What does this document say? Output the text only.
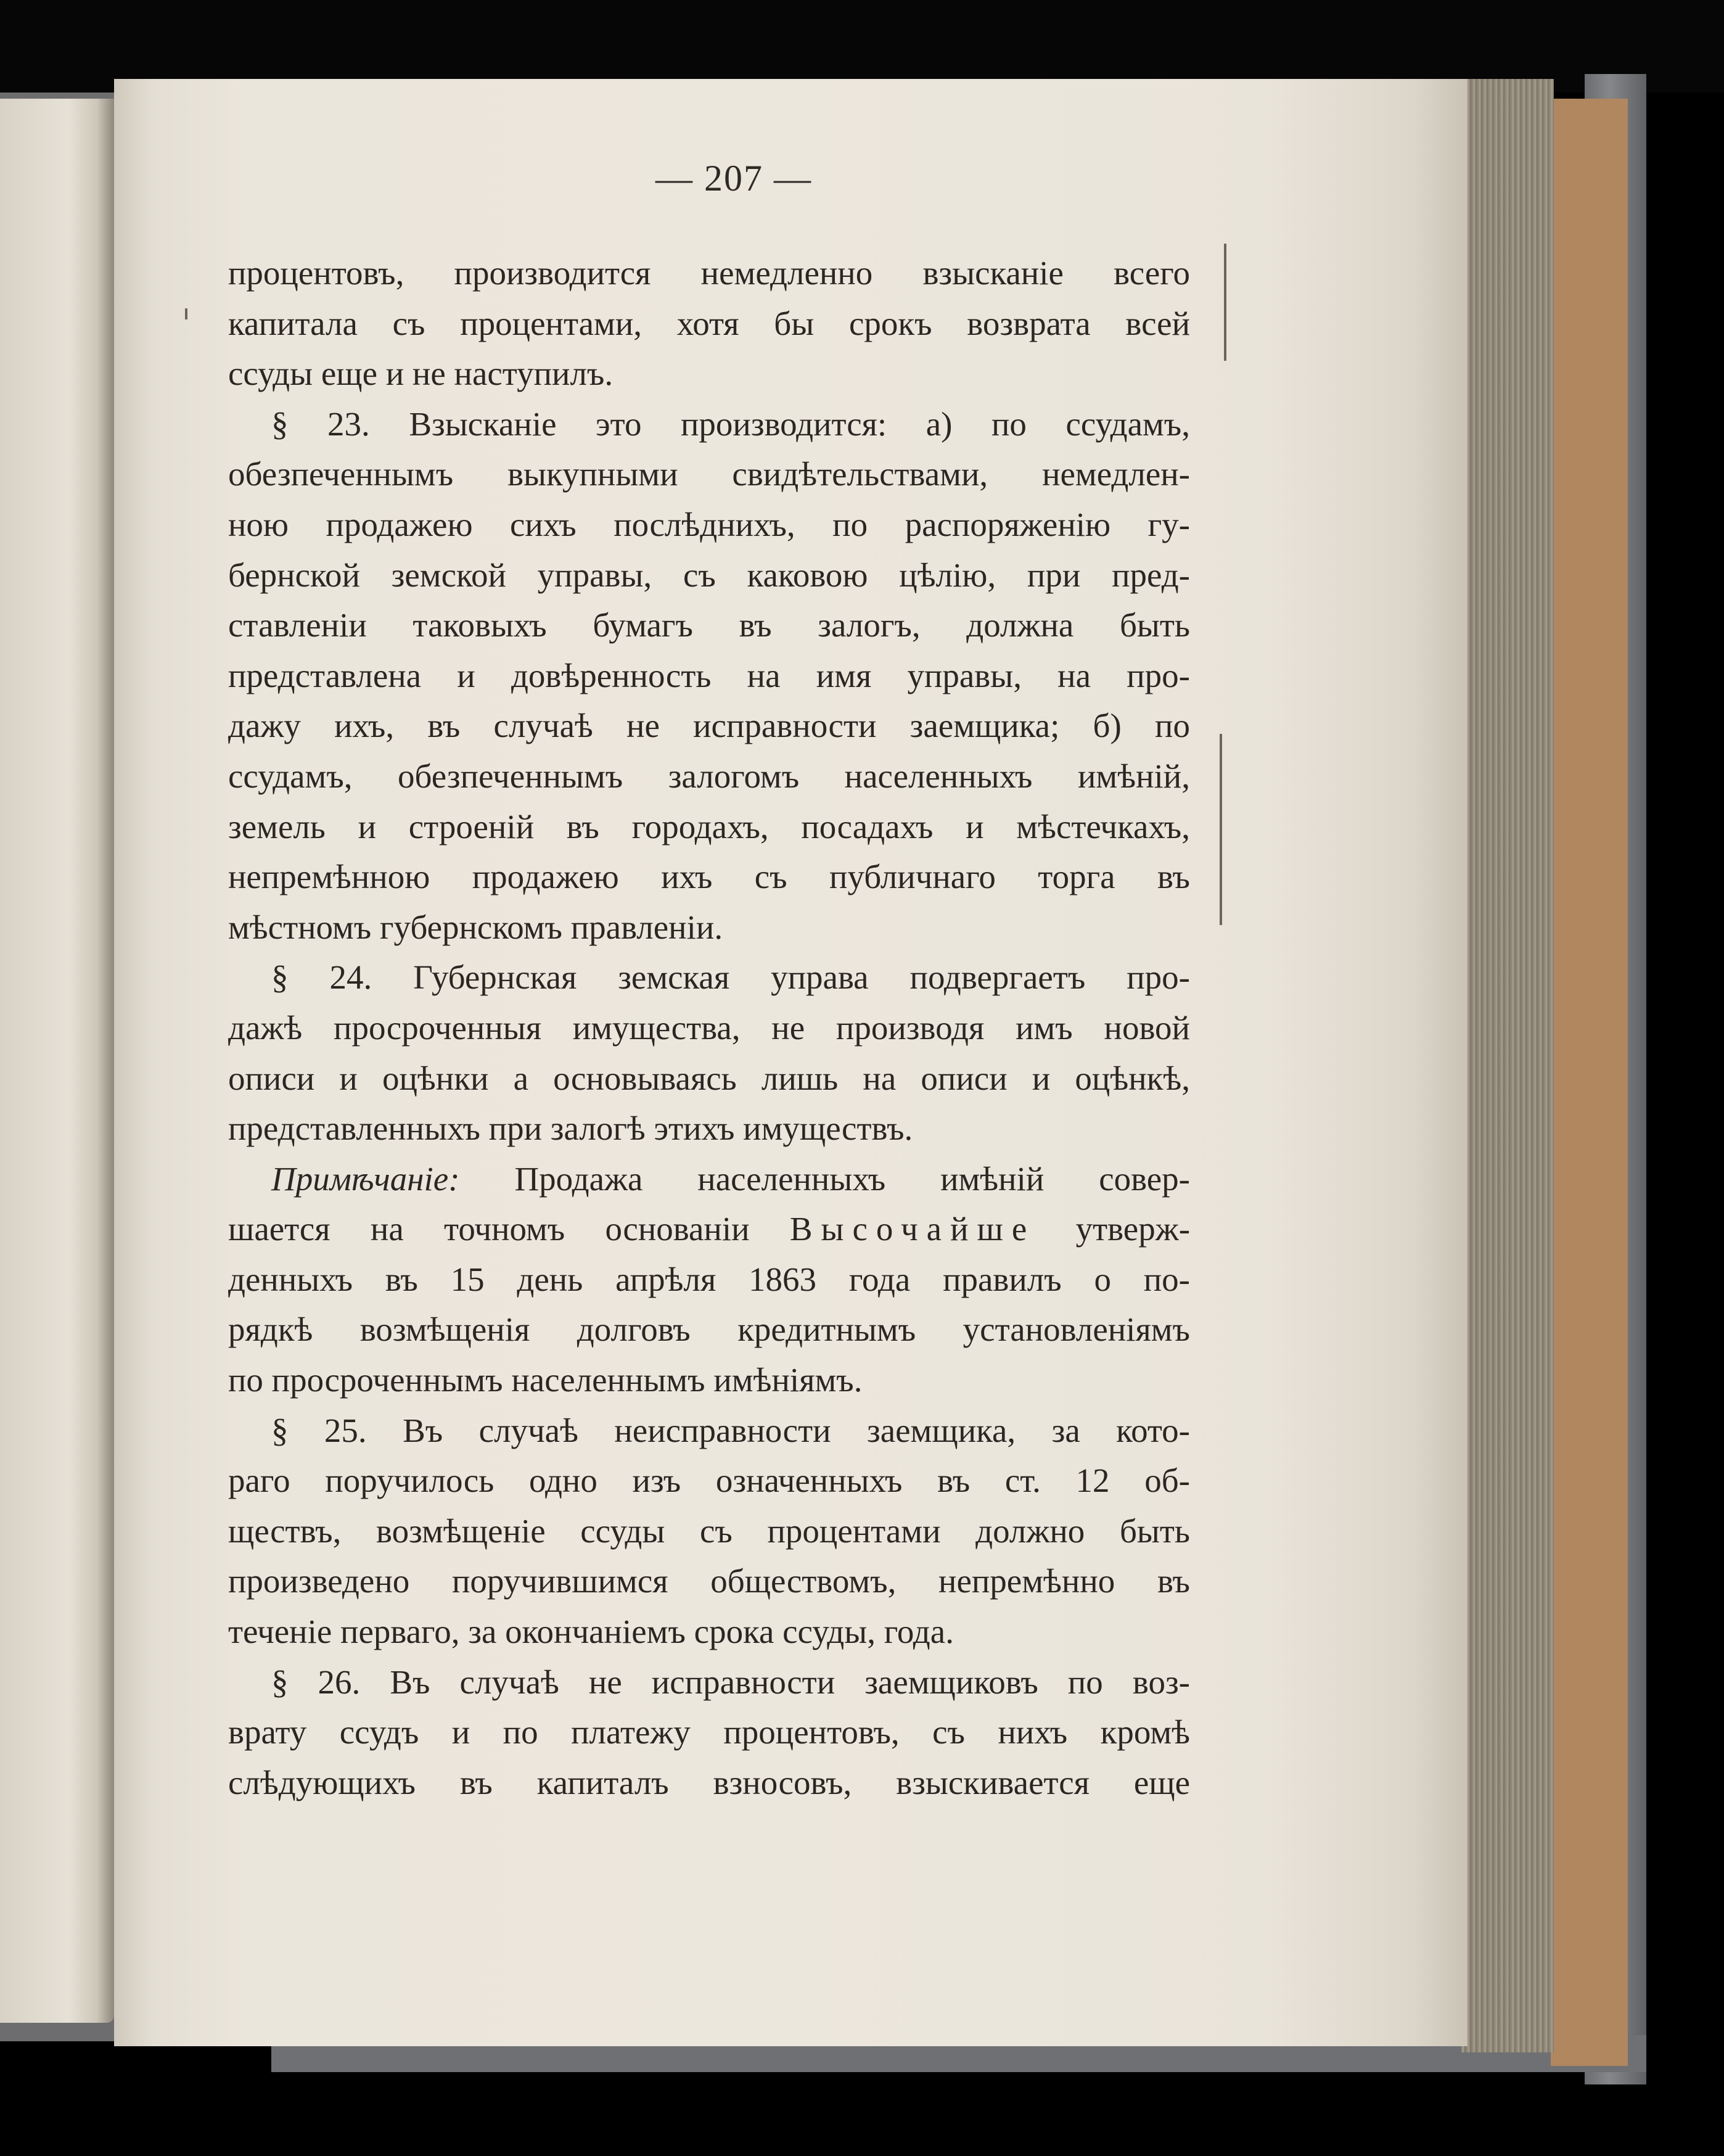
— 207 —
процентовъ, производится немедленно взысканіе всего
капитала съ процентами, хотя бы срокъ возврата всей
ссуды еще и не наступилъ.
§ 23. Взысканіе это производится: а) по ссудамъ,
обезпеченнымъ выкупными свидѣтельствами, немедлен-
ною продажею сихъ послѣднихъ, по распоряженію гу-
бернской земской управы, съ каковою цѣлію, при пред-
ставленіи таковыхъ бумагъ въ залогъ, должна быть
представлена и довѣренность на имя управы, на про-
дажу ихъ, въ случаѣ не исправности заемщика; б) по
ссудамъ, обезпеченнымъ залогомъ населенныхъ имѣній,
земель и строеній въ городахъ, посадахъ и мѣстечкахъ,
непремѣнною продажею ихъ съ публичнаго торга въ
мѣстномъ губернскомъ правленіи.
§ 24. Губернская земская управа подвергаетъ про-
дажѣ просроченныя имущества, не производя имъ новой
описи и оцѣнки а основываясь лишь на описи и оцѣнкѣ,
представленныхъ при залогѣ этихъ имуществъ.
Примѣчаніе: Продажа населенныхъ имѣній совер-
шается на точномъ основаніи Высочайше утверж-
денныхъ въ 15 день апрѣля 1863 года правилъ о по-
рядкѣ возмѣщенія долговъ кредитнымъ установленіямъ
по просроченнымъ населеннымъ имѣніямъ.
§ 25. Въ случаѣ неисправности заемщика, за кото-
раго поручилось одно изъ означенныхъ въ ст. 12 об-
ществъ, возмѣщеніе ссуды съ процентами должно быть
произведено поручившимся обществомъ, непремѣнно въ
теченіе перваго, за окончаніемъ срока ссуды, года.
§ 26. Въ случаѣ не исправности заемщиковъ по воз-
врату ссудъ и по платежу процентовъ, съ нихъ кромѣ
слѣдующихъ въ капиталъ взносовъ, взыскивается еще
